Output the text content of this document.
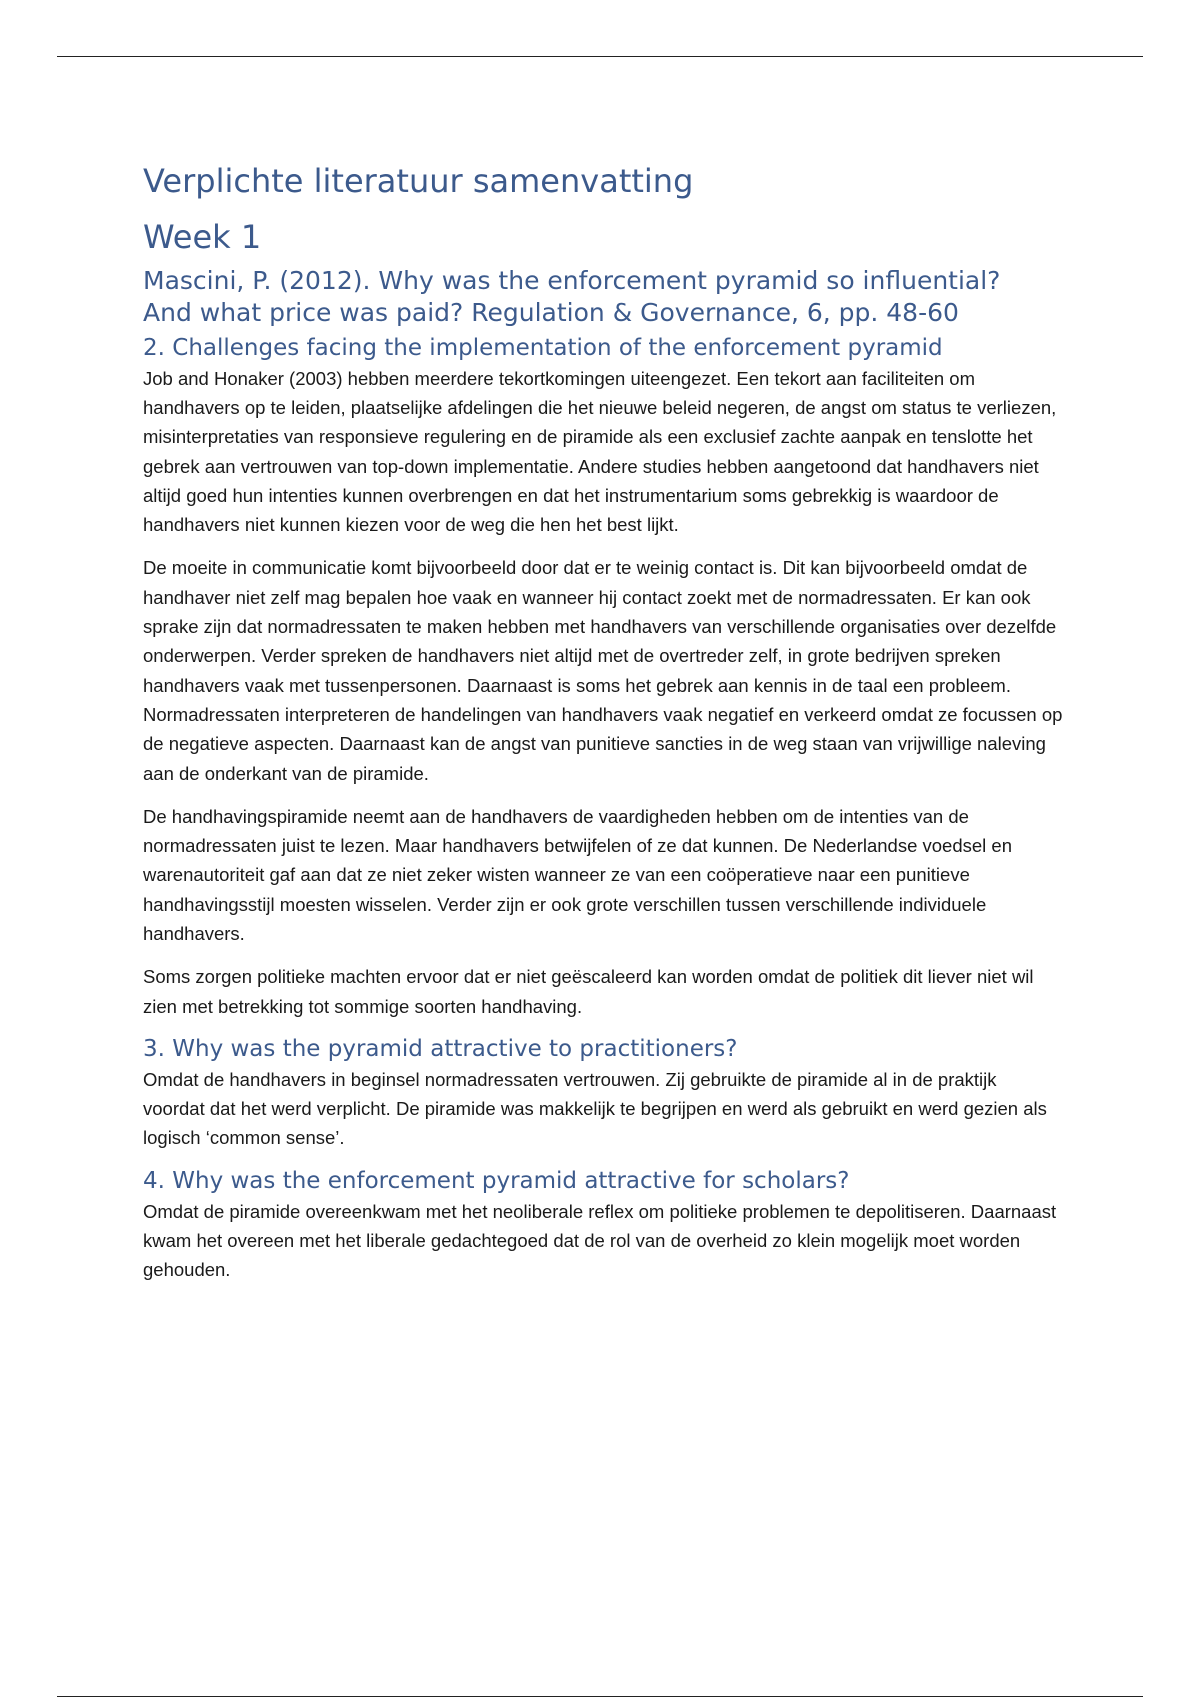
Verplichte literatuur samenvatting
Week 1
Mascini, P. (2012). Why was the enforcement pyramid so influential?
And what price was paid? Regulation & Governance, 6, pp. 48-60
2. Challenges facing the implementation of the enforcement pyramid

Job and Honaker (2003) hebben meerdere tekortkomingen uiteengezet. Een tekort aan faciliteiten om handhavers op te leiden, plaatselijke afdelingen die het nieuwe beleid negeren, de angst om status te verliezen, misinterpretaties van responsieve regulering en de piramide als een exclusief zachte aanpak en tenslotte het gebrek aan vertrouwen van top-down implementatie. Andere studies hebben aangetoond dat handhavers niet altijd goed hun intenties kunnen overbrengen en dat het instrumentarium soms gebrekkig is waardoor de handhavers niet kunnen kiezen voor de weg die hen het best lijkt.

De moeite in communicatie komt bijvoorbeeld door dat er te weinig contact is. Dit kan bijvoorbeeld omdat de handhaver niet zelf mag bepalen hoe vaak en wanneer hij contact zoekt met de normadressaten. Er kan ook sprake zijn dat normadressaten te maken hebben met handhavers van verschillende organisaties over dezelfde onderwerpen. Verder spreken de handhavers niet altijd met de overtreder zelf, in grote bedrijven spreken handhavers vaak met tussenpersonen. Daarnaast is soms het gebrek aan kennis in de taal een probleem. Normadressaten interpreteren de handelingen van handhavers vaak negatief en verkeerd omdat ze focussen op de negatieve aspecten. Daarnaast kan de angst van punitieve sancties in de weg staan van vrijwillige naleving aan de onderkant van de piramide.

De handhavingspiramide neemt aan de handhavers de vaardigheden hebben om de intenties van de normadressaten juist te lezen. Maar handhavers betwijfelen of ze dat kunnen. De Nederlandse voedsel en warenautoriteit gaf aan dat ze niet zeker wisten wanneer ze van een coöperatieve naar een punitieve handhavingsstijl moesten wisselen. Verder zijn er ook grote verschillen tussen verschillende individuele handhavers.

Soms zorgen politieke machten ervoor dat er niet geëscaleerd kan worden omdat de politiek dit liever niet wil zien met betrekking tot sommige soorten handhaving.

3. Why was the pyramid attractive to practitioners?

Omdat de handhavers in beginsel normadressaten vertrouwen. Zij gebruikte de piramide al in de praktijk voordat dat het werd verplicht. De piramide was makkelijk te begrijpen en werd als gebruikt en werd gezien als logisch ‘common sense’.

4. Why was the enforcement pyramid attractive for scholars?

Omdat de piramide overeenkwam met het neoliberale reflex om politieke problemen te depolitiseren. Daarnaast kwam het overeen met het liberale gedachtegoed dat de rol van de overheid zo klein mogelijk moet worden gehouden.
